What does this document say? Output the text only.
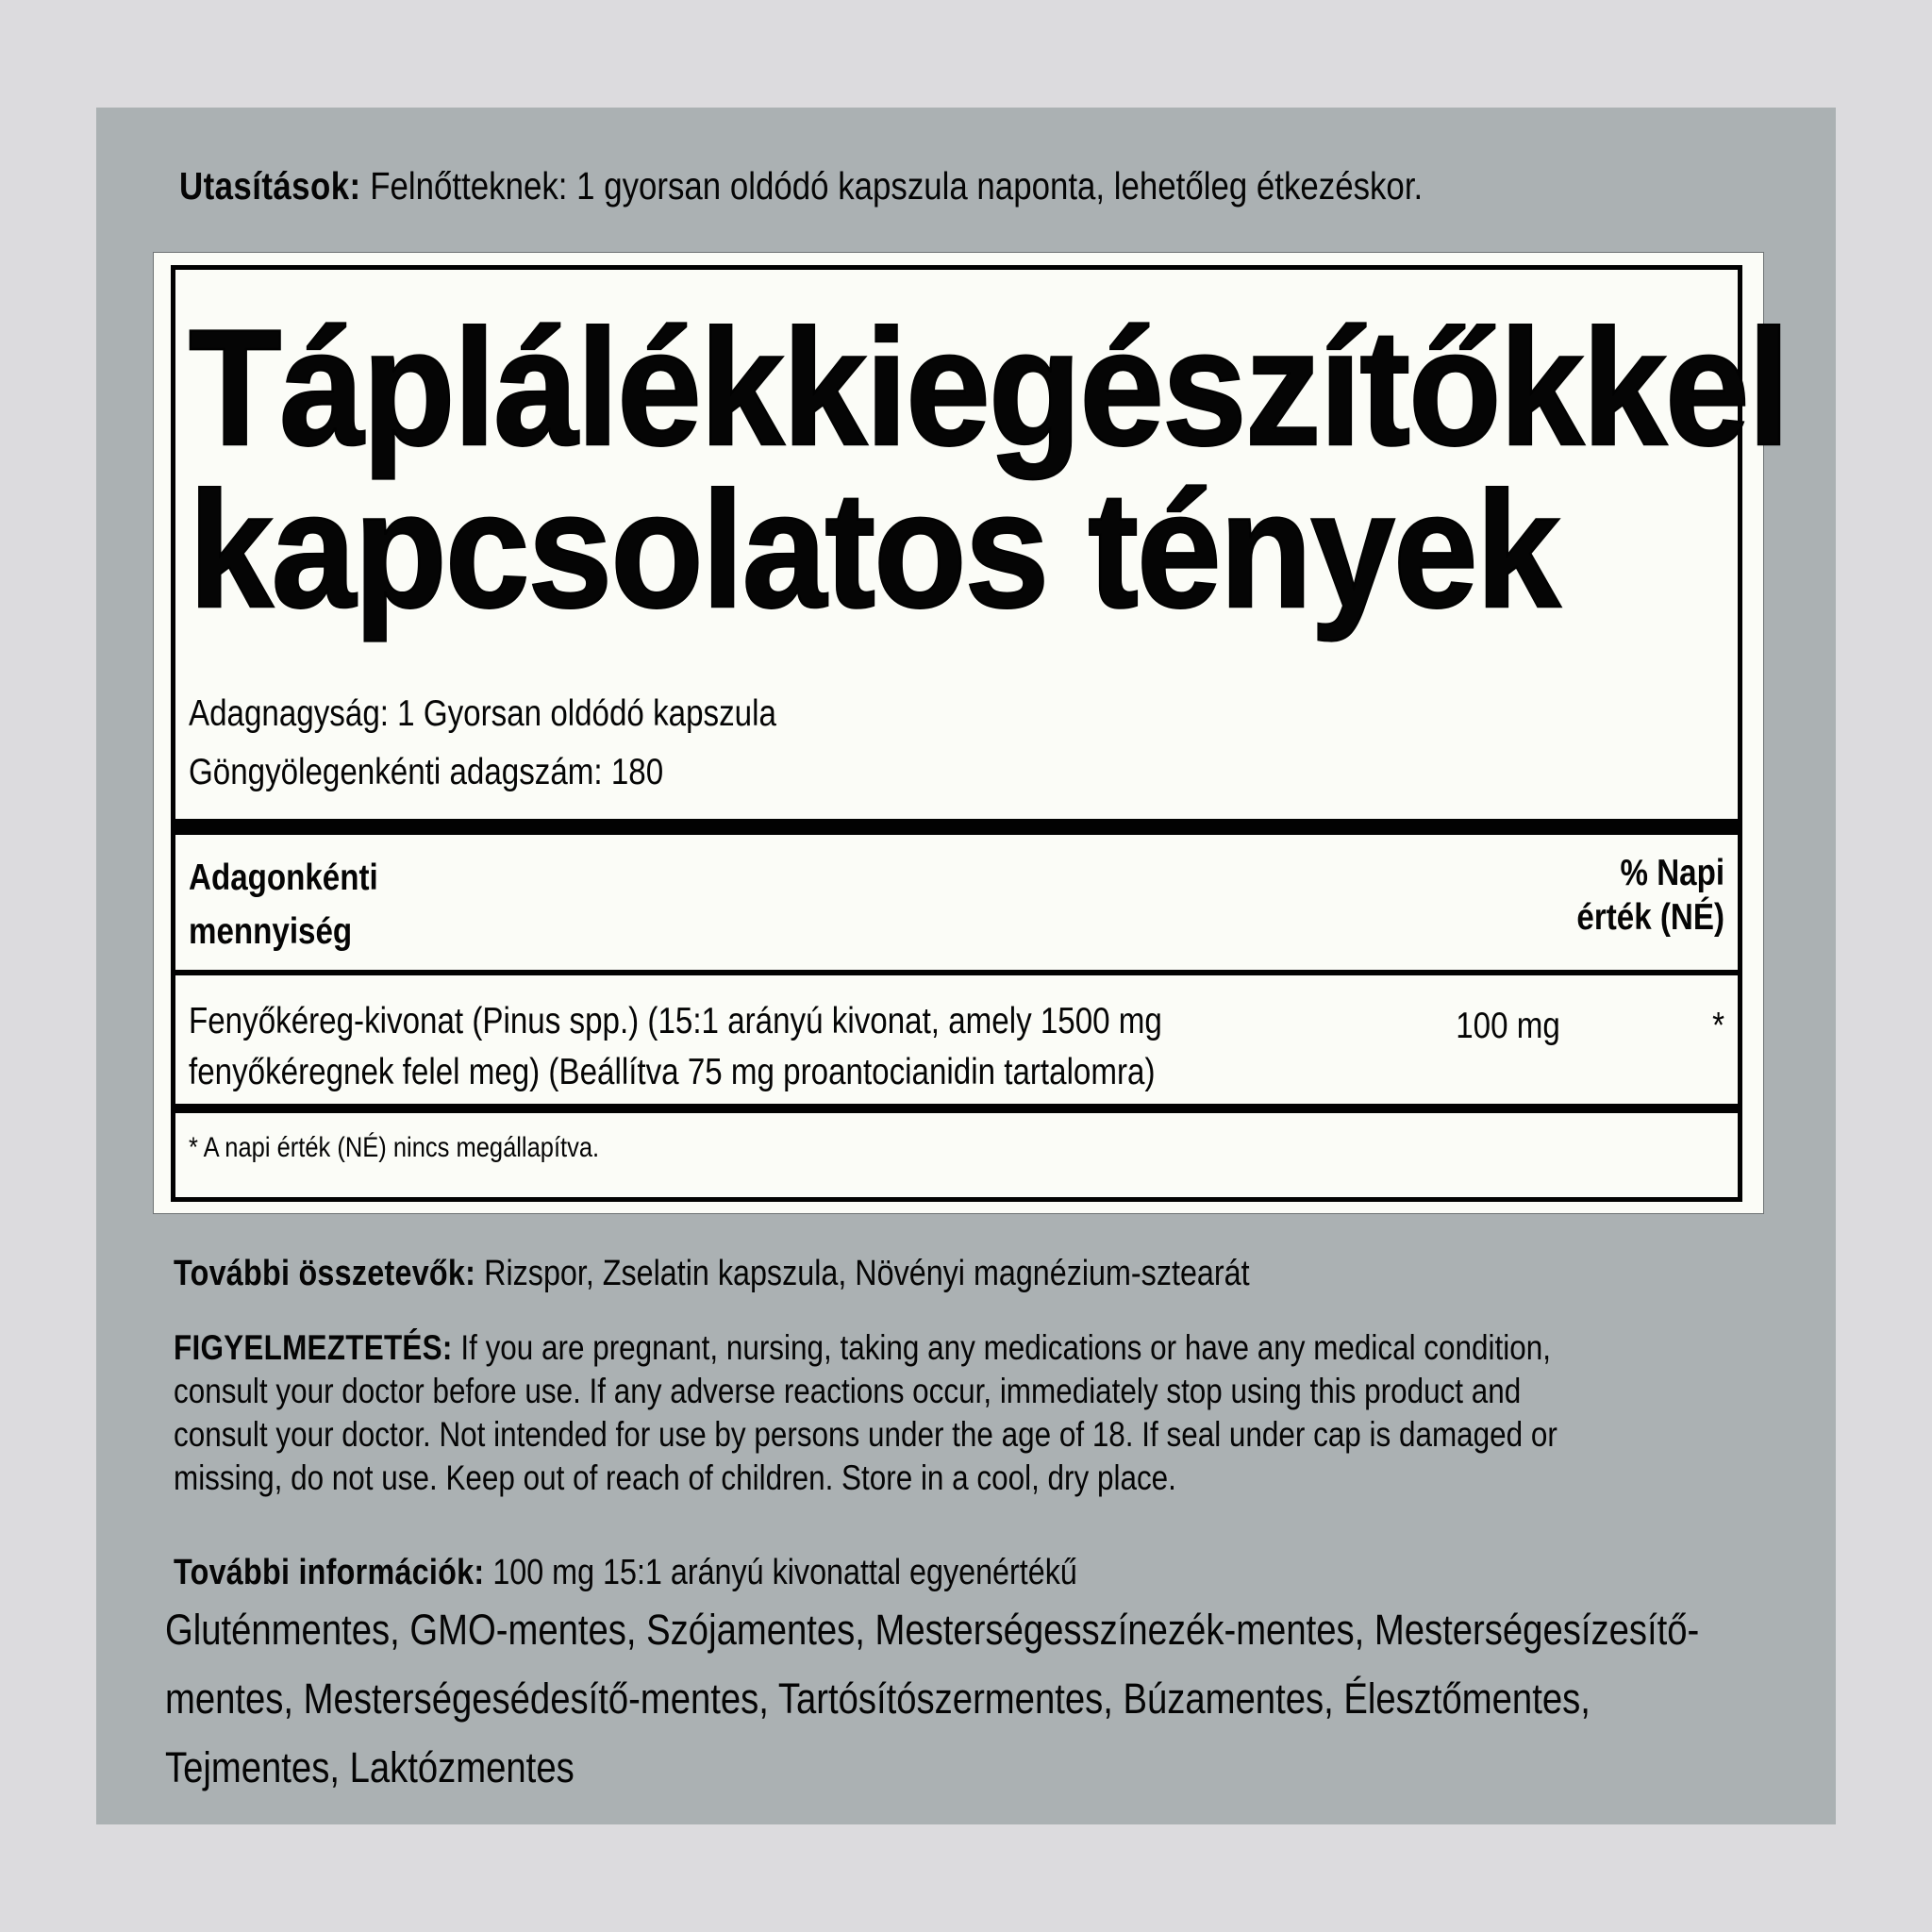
Utasítások: Felnőtteknek: 1 gyorsan oldódó kapszula naponta, lehetőleg étkezéskor.

Táplálékkiegészítőkkel
kapcsolatos tények

Adagnagyság: 1 Gyorsan oldódó kapszula

Göngyölegenkénti adagszám: 180

Adagonkénti mennyiség
% Napi érték (NÉ)
Fenyőkéreg-kivonat (Pinus spp.) (15:1 arányú kivonat, amely 1500 mg fenyőkéregnek felel meg) (Beállítva 75 mg proantocianidin tartalomra)
100 mg	*

* A napi érték (NÉ) nincs megállapítva.

További összetevők: Rizspor, Zselatin kapszula, Növényi magnézium-sztearát

FIGYELMEZTETÉS: If you are pregnant, nursing, taking any medications or have any medical condition, consult your doctor before use. If any adverse reactions occur, immediately stop using this product and consult your doctor. Not intended for use by persons under the age of 18. If seal under cap is damaged or missing, do not use. Keep out of reach of children. Store in a cool, dry place.

További információk: 100 mg 15:1 arányú kivonattal egyenértékű

Gluténmentes, GMO-mentes, Szójamentes, Mesterségesszínezék-mentes, Mesterségesízesítő-
mentes, Mesterségesédesítő-mentes, Tartósítószermentes, Búzamentes, Élesztőmentes,
Tejmentes, Laktózmentes
